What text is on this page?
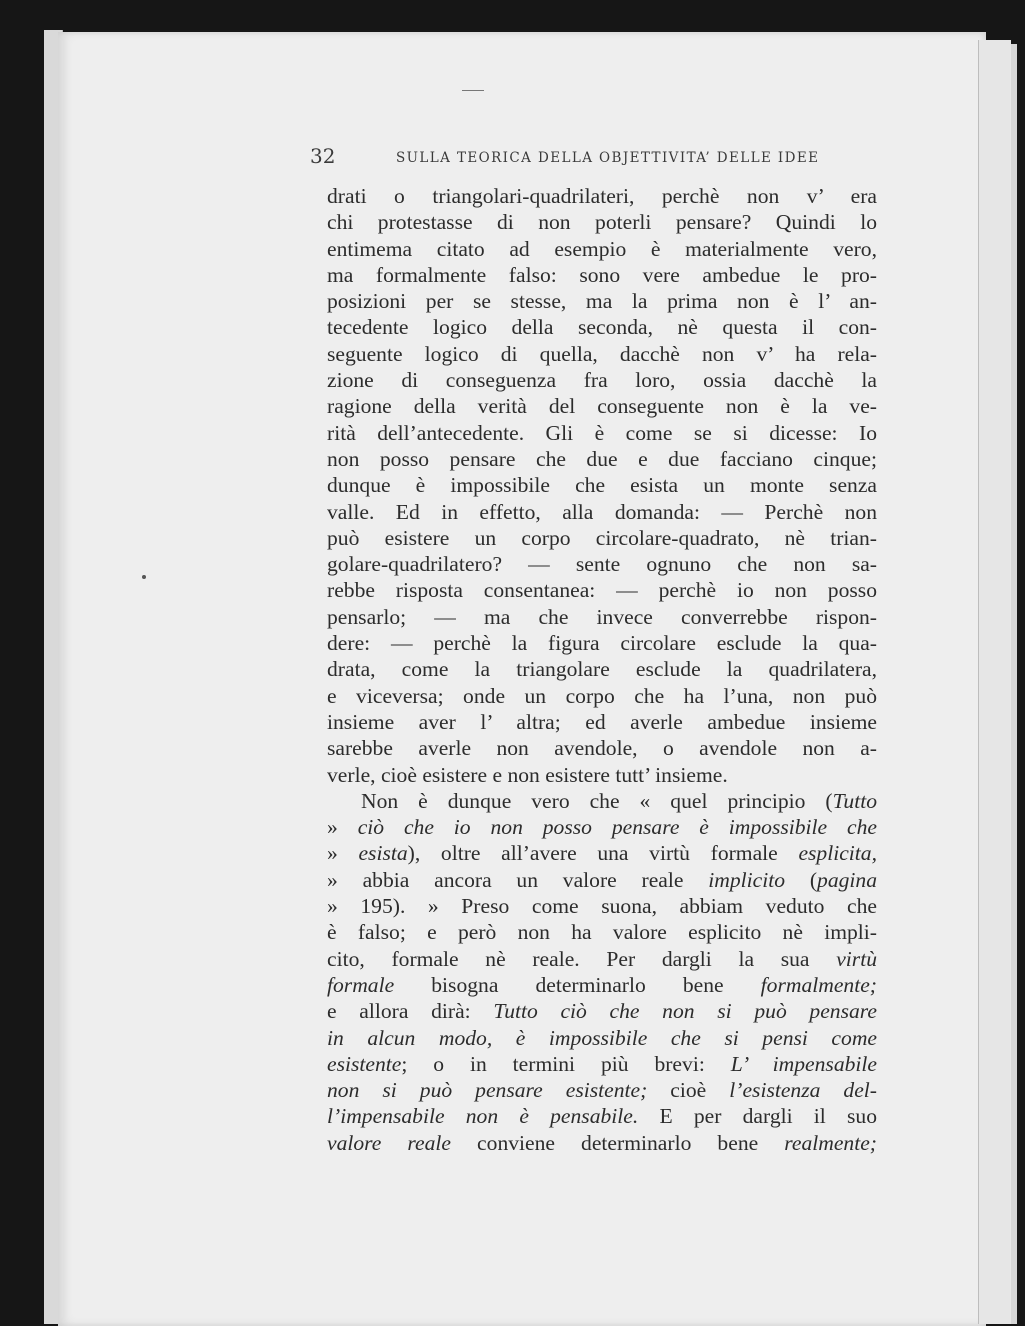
32	SULLA TEORICA DELLA OBJETTIVITA’ DELLE IDEE
drati o triangolari-quadrilateri, perchè non v’ era
chi protestasse di non poterli pensare? Quindi lo
entimema citato ad esempio è materialmente vero,
ma formalmente falso: sono vere ambedue le pro-
posizioni per se stesse, ma la prima non è l’ an-
tecedente logico della seconda, nè questa il con-
seguente logico di quella, dacchè non v’ ha rela-
zione di conseguenza fra loro, ossia dacchè la
ragione della verità del conseguente non è la ve-
rità dell’antecedente. Gli è come se si dicesse: Io
non posso pensare che due e due facciano cinque;
dunque è impossibile che esista un monte senza
valle. Ed in effetto, alla domanda: — Perchè non
può esistere un corpo circolare-quadrato, nè trian-
golare-quadrilatero? — sente ognuno che non sa-
rebbe risposta consentanea: — perchè io non posso
pensarlo; — ma che invece converrebbe rispon-
dere: — perchè la figura circolare esclude la qua-
drata, come la triangolare esclude la quadrilatera,
e viceversa; onde un corpo che ha l’una, non può
insieme aver l’ altra; ed averle ambedue insieme
sarebbe averle non avendole, o avendole non a-
verle, cioè esistere e non esistere tutt’ insieme.
Non è dunque vero che « quel principio (Tutto
» ciò che io non posso pensare è impossibile che
» esista), oltre all’avere una virtù formale esplicita,
» abbia ancora un valore reale implicito (pagina
» 195). » Preso come suona, abbiam veduto che
è falso; e però non ha valore esplicito nè impli-
cito, formale nè reale. Per dargli la sua virtù
formale bisogna determinarlo bene formalmente;
e allora dirà: Tutto ciò che non si può pensare
in alcun modo, è impossibile che si pensi come
esistente; o in termini più brevi: L’ impensabile
non si può pensare esistente; cioè l’esistenza del-
l’impensabile non è pensabile. E per dargli il suo
valore reale conviene determinarlo bene realmente;
